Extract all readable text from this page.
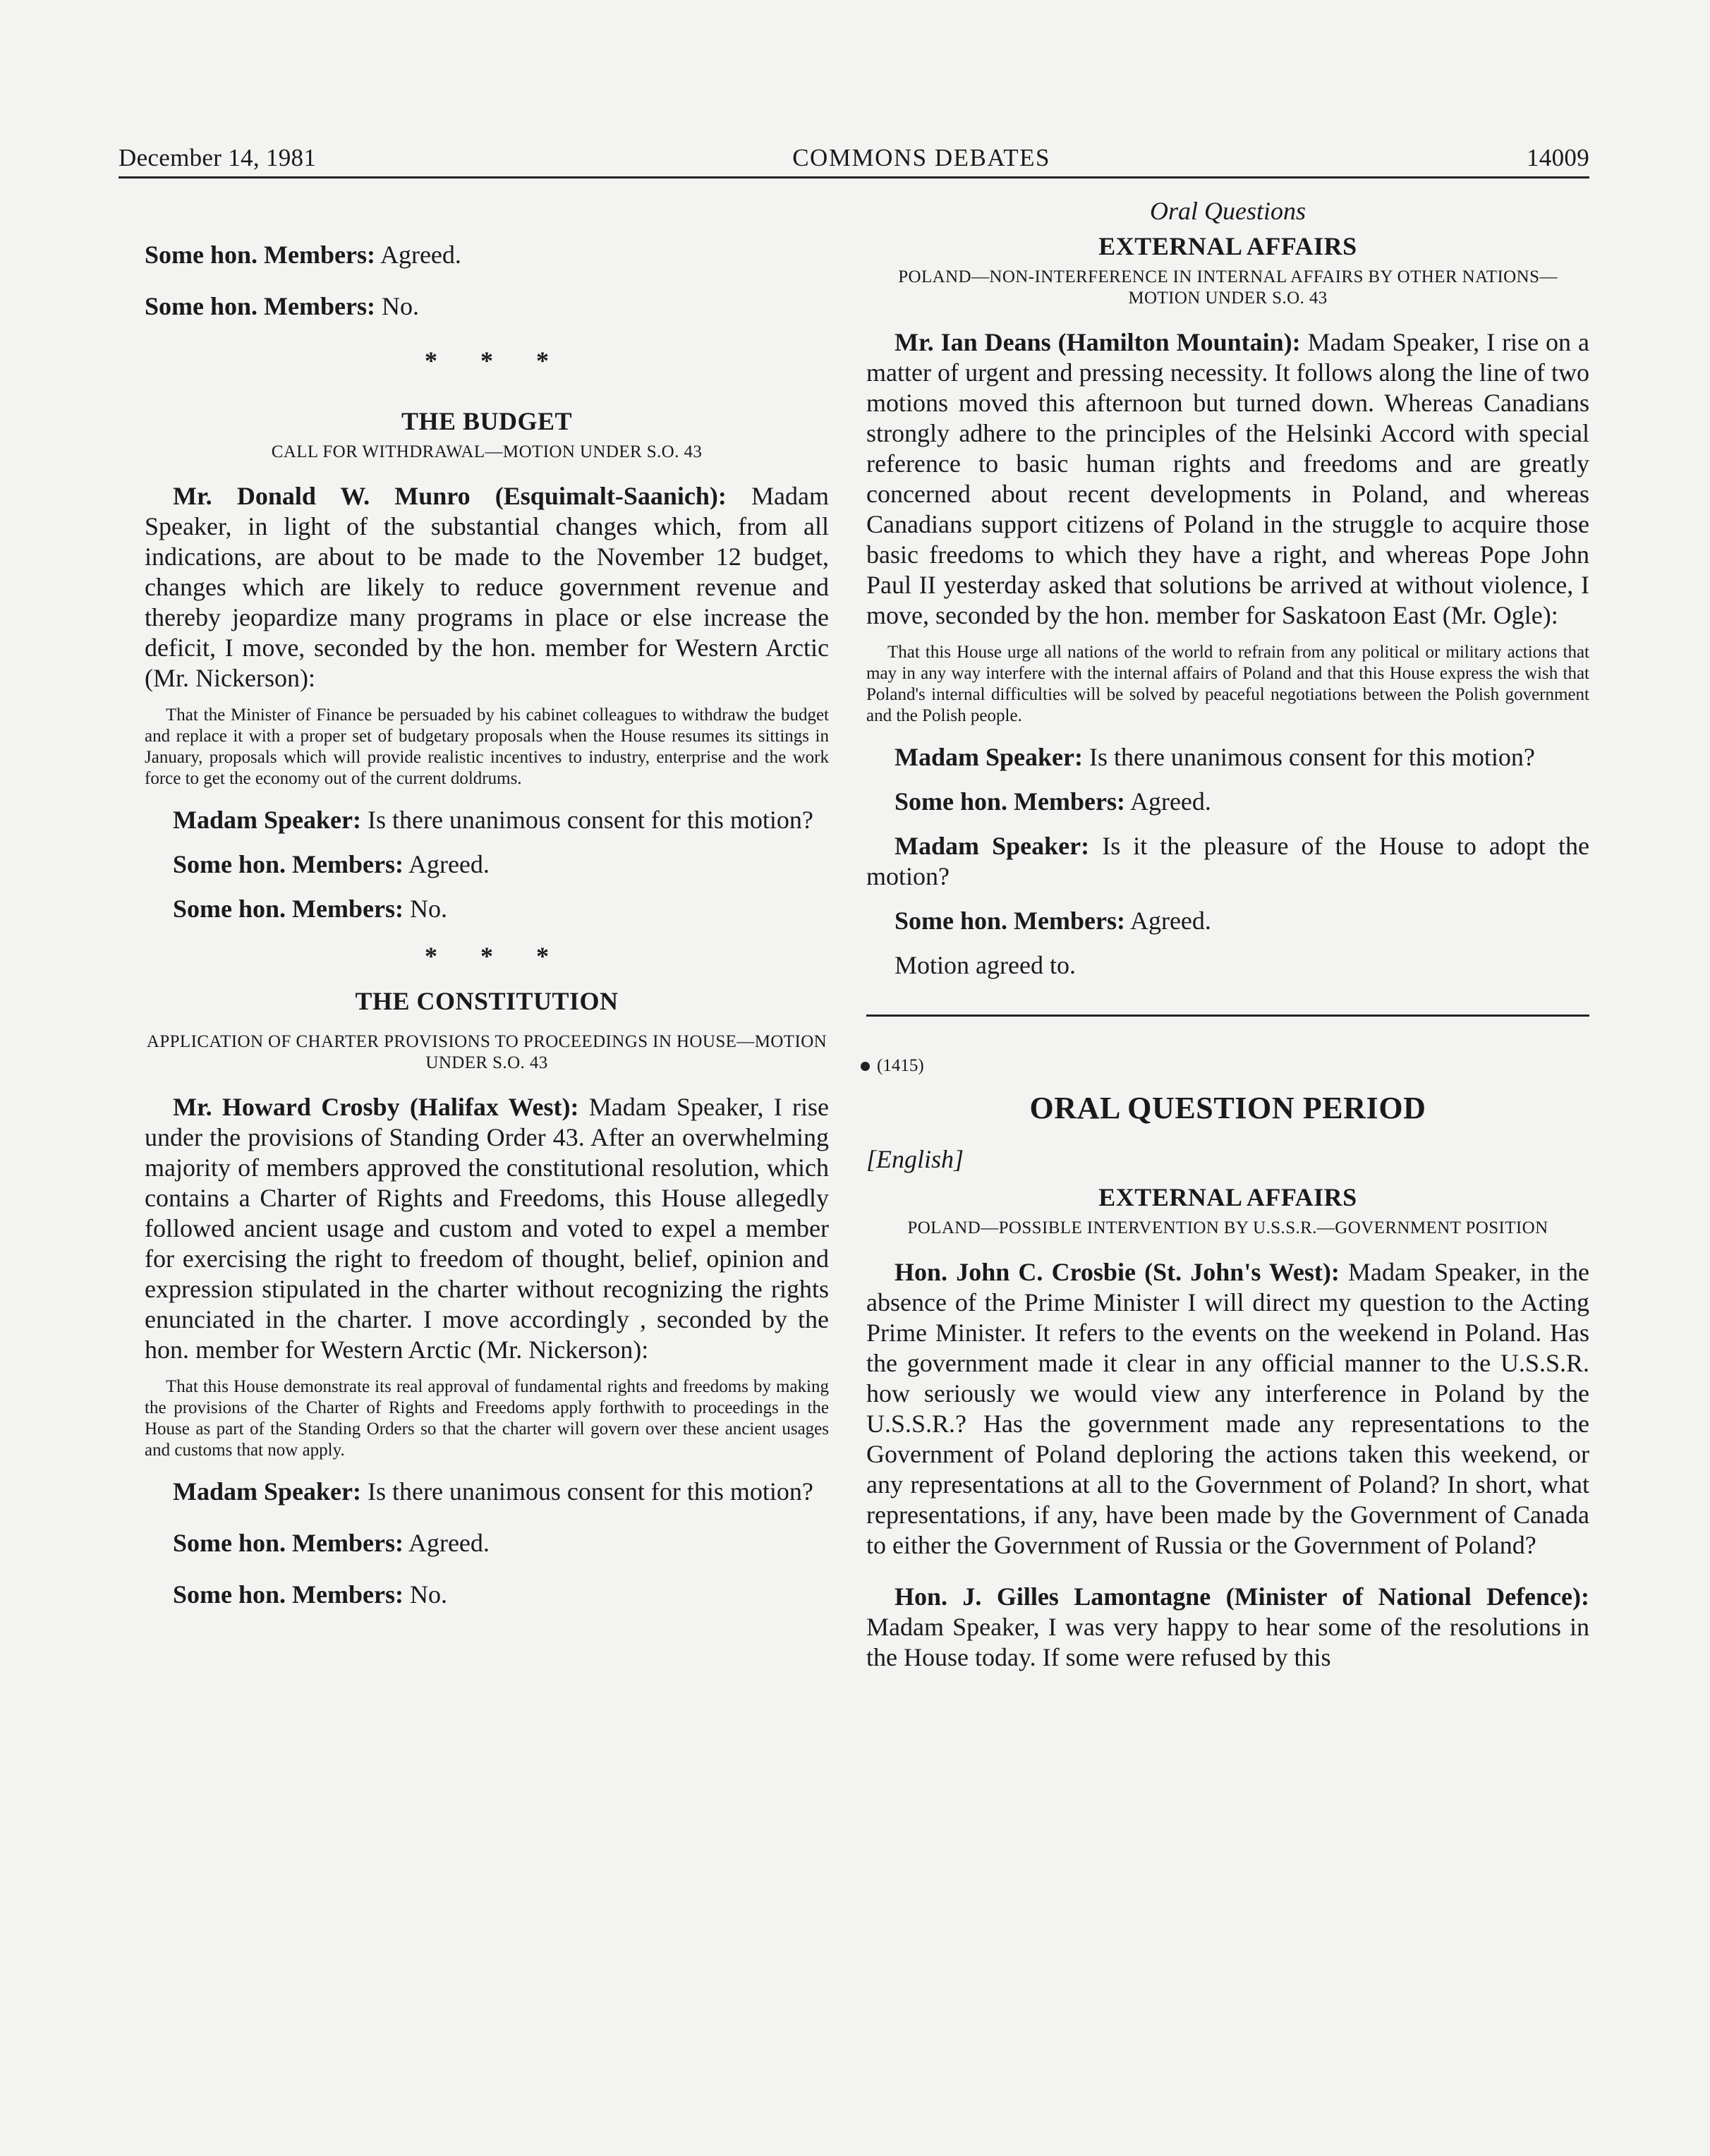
December 14, 1981	COMMONS DEBATES	14009

Some hon. Members: Agreed.

Some hon. Members: No.

* * *
THE BUDGET
CALL FOR WITHDRAWAL—MOTION UNDER S.O. 43

Mr. Donald W. Munro (Esquimalt-Saanich): Madam Speaker, in light of the substantial changes which, from all indications, are about to be made to the November 12 budget, changes which are likely to reduce government revenue and thereby jeopardize many programs in place or else increase the deficit, I move, seconded by the hon. member for Western Arctic (Mr. Nickerson):

That the Minister of Finance be persuaded by his cabinet colleagues to withdraw the budget and replace it with a proper set of budgetary proposals when the House resumes its sittings in January, proposals which will provide realistic incentives to industry, enterprise and the work force to get the economy out of the current doldrums.

Madam Speaker: Is there unanimous consent for this motion?

Some hon. Members: Agreed.

Some hon. Members: No.

* * *
THE CONSTITUTION
APPLICATION OF CHARTER PROVISIONS TO PROCEEDINGS IN HOUSE—MOTION UNDER S.O. 43

Mr. Howard Crosby (Halifax West): Madam Speaker, I rise under the provisions of Standing Order 43. After an overwhelming majority of members approved the constitutional resolution, which contains a Charter of Rights and Freedoms, this House allegedly followed ancient usage and custom and voted to expel a member for exercising the right to freedom of thought, belief, opinion and expression stipulated in the charter without recognizing the rights enunciated in the charter. I move accordingly , seconded by the hon. member for Western Arctic (Mr. Nickerson):

That this House demonstrate its real approval of fundamental rights and freedoms by making the provisions of the Charter of Rights and Freedoms apply forthwith to proceedings in the House as part of the Standing Orders so that the charter will govern over these ancient usages and customs that now apply.

Madam Speaker: Is there unanimous consent for this motion?

Some hon. Members: Agreed.

Some hon. Members: No.

Oral Questions
EXTERNAL AFFAIRS
POLAND—NON-INTERFERENCE IN INTERNAL AFFAIRS BY OTHER NATIONS—MOTION UNDER S.O. 43

Mr. Ian Deans (Hamilton Mountain): Madam Speaker, I rise on a matter of urgent and pressing necessity. It follows along the line of two motions moved this afternoon but turned down. Whereas Canadians strongly adhere to the principles of the Helsinki Accord with special reference to basic human rights and freedoms and are greatly concerned about recent developments in Poland, and whereas Canadians support citizens of Poland in the struggle to acquire those basic freedoms to which they have a right, and whereas Pope John Paul II yesterday asked that solutions be arrived at without violence, I move, seconded by the hon. member for Saskatoon East (Mr. Ogle):

That this House urge all nations of the world to refrain from any political or military actions that may in any way interfere with the internal affairs of Poland and that this House express the wish that Poland's internal difficulties will be solved by peaceful negotiations between the Polish government and the Polish people.

Madam Speaker: Is there unanimous consent for this motion?

Some hon. Members: Agreed.

Madam Speaker: Is it the pleasure of the House to adopt the motion?

Some hon. Members: Agreed.

Motion agreed to.

(1415)
ORAL QUESTION PERIOD
[English]
EXTERNAL AFFAIRS
POLAND—POSSIBLE INTERVENTION BY U.S.S.R.—GOVERNMENT POSITION

Hon. John C. Crosbie (St. John's West): Madam Speaker, in the absence of the Prime Minister I will direct my question to the Acting Prime Minister. It refers to the events on the weekend in Poland. Has the government made it clear in any official manner to the U.S.S.R. how seriously we would view any interference in Poland by the U.S.S.R.? Has the government made any representations to the Government of Poland deploring the actions taken this weekend, or any representations at all to the Government of Poland? In short, what representations, if any, have been made by the Government of Canada to either the Government of Russia or the Government of Poland?

Hon. J. Gilles Lamontagne (Minister of National Defence): Madam Speaker, I was very happy to hear some of the resolutions in the House today. If some were refused by this
